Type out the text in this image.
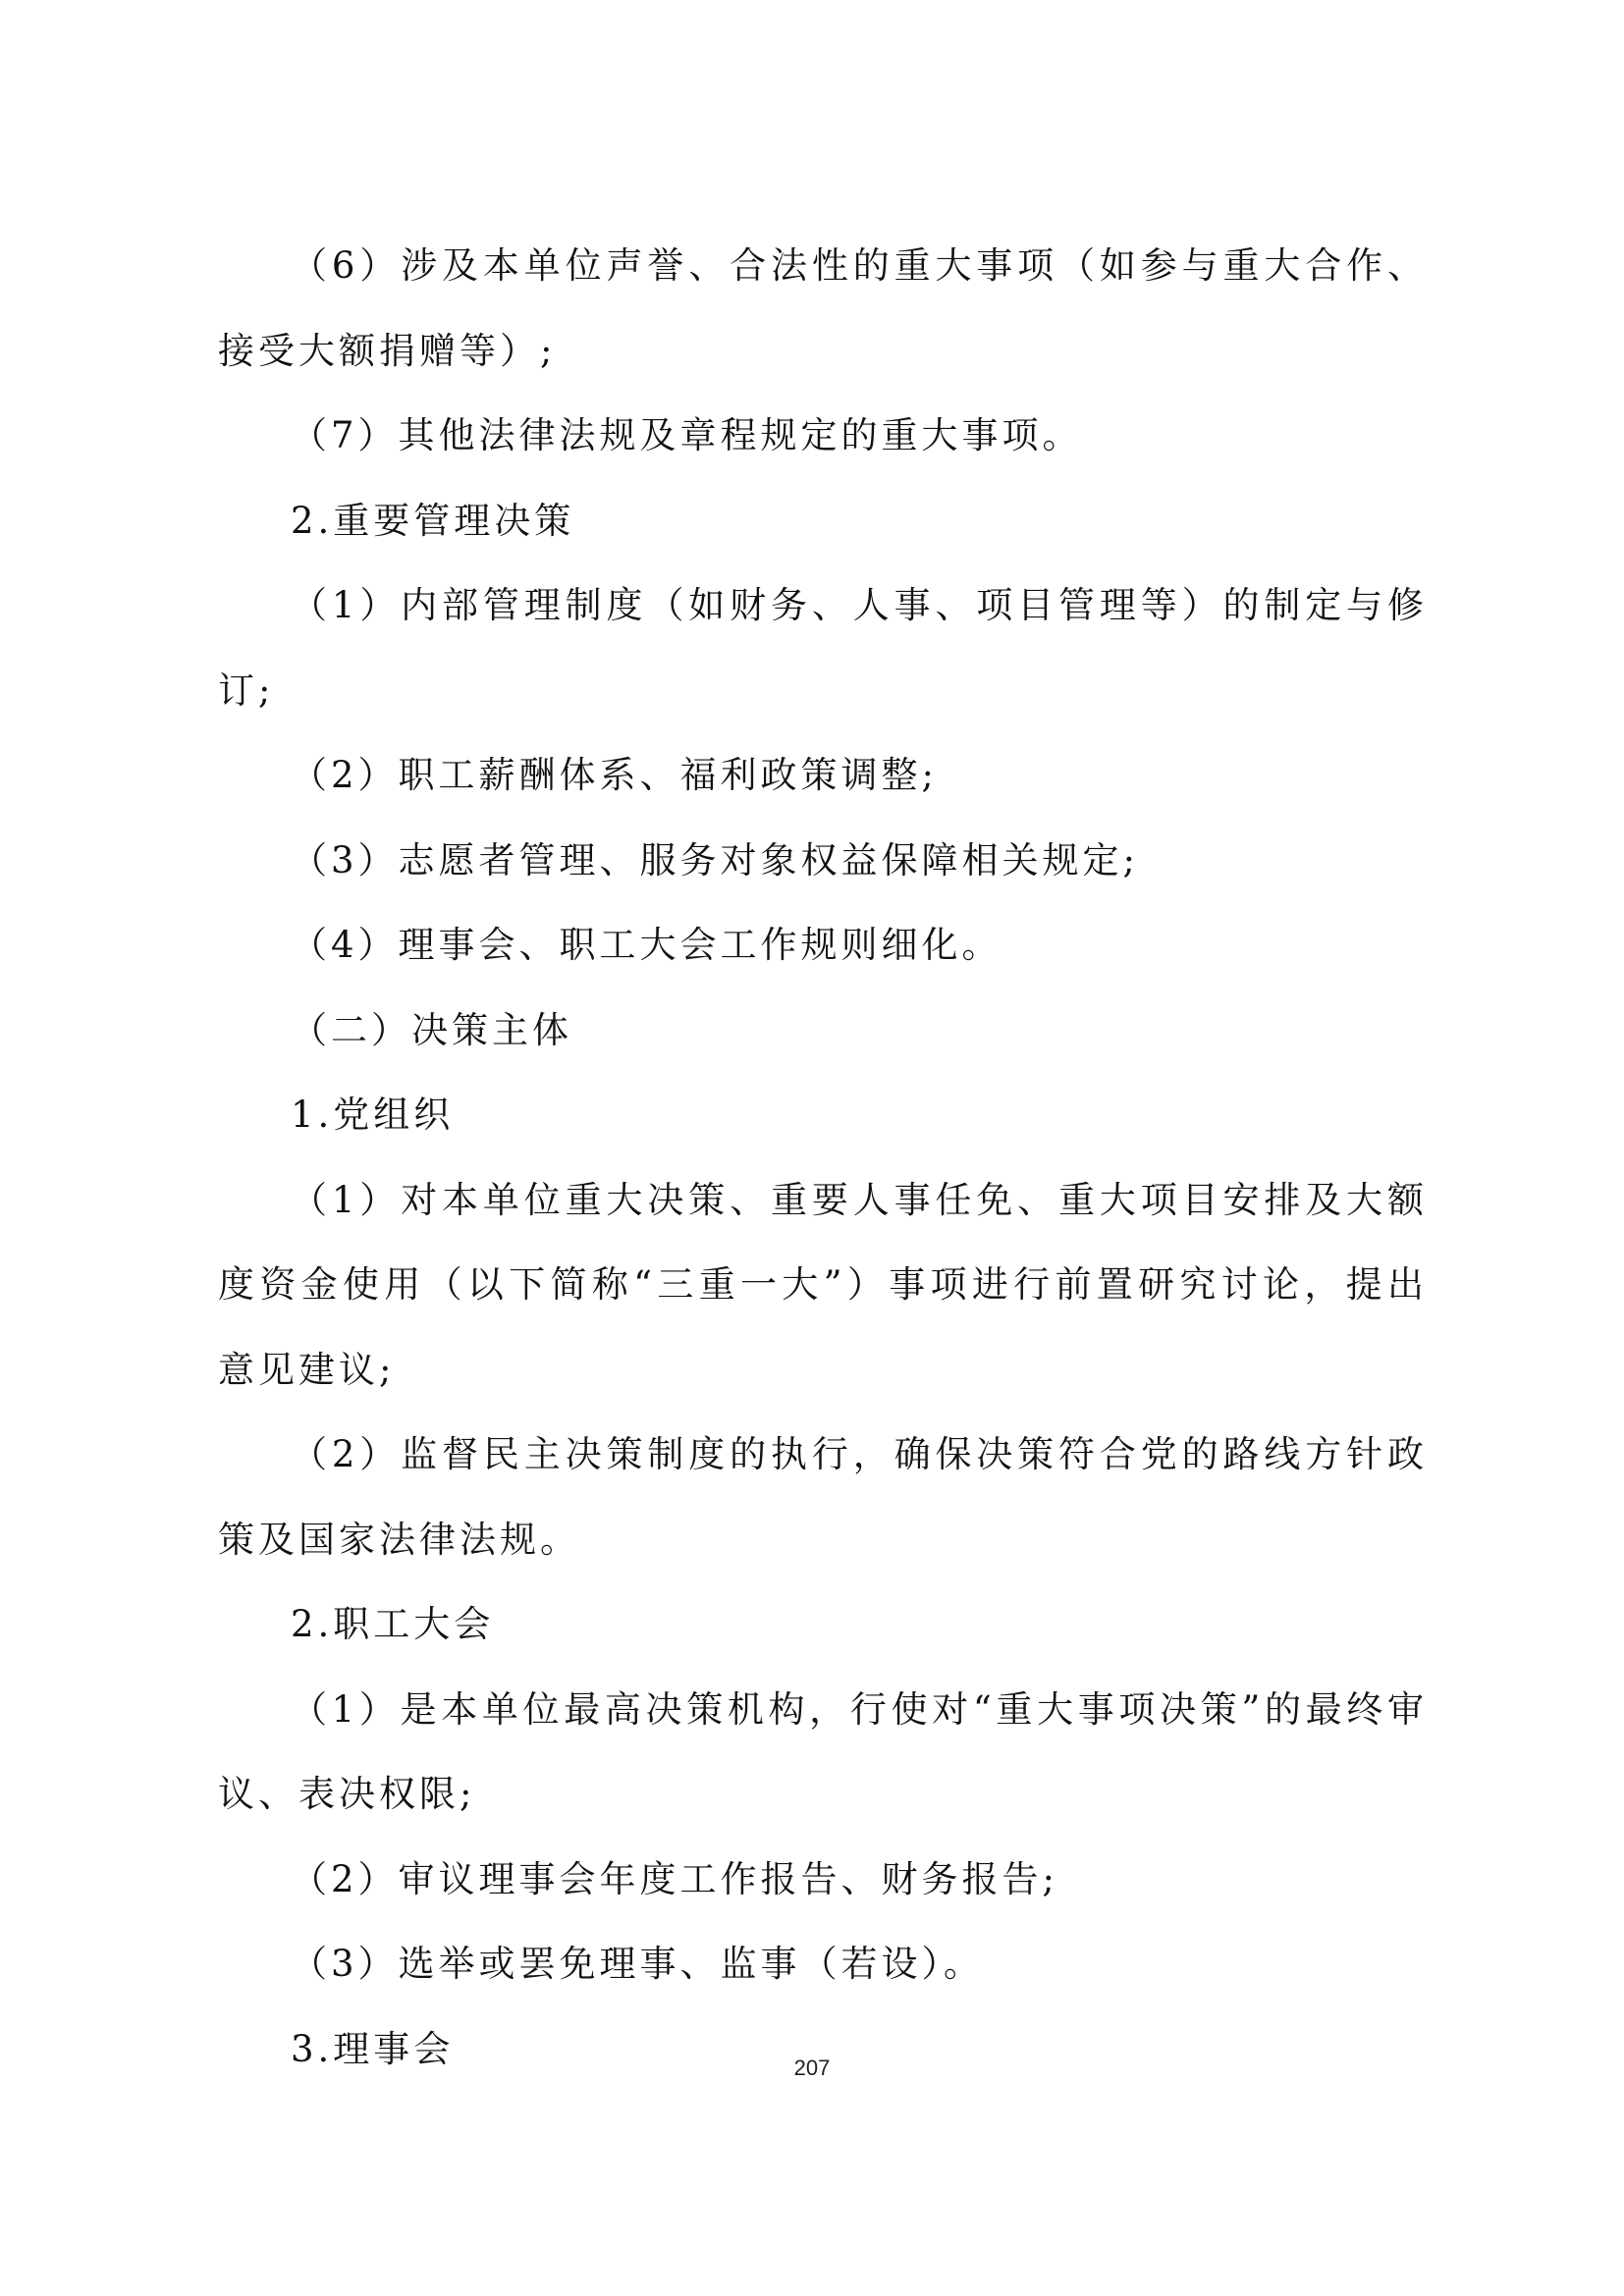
（6）涉及本单位声誉、合法性的重大事项（如参与重大合作、接受大额捐赠等）;

（7）其他法律法规及章程规定的重大事项。

2.重要管理决策

（1）内部管理制度（如财务、人事、项目管理等）的制定与修订;

（2）职工薪酬体系、福利政策调整;

（3）志愿者管理、服务对象权益保障相关规定;

（4）理事会、职工大会工作规则细化。

（二）决策主体

1.党组织

（1）对本单位重大决策、重要人事任免、重大项目安排及大额度资金使用（以下简称“三重一大”）事项进行前置研究讨论，提出意见建议;

（2）监督民主决策制度的执行，确保决策符合党的路线方针政策及国家法律法规。

2.职工大会

（1）是本单位最高决策机构，行使对“重大事项决策”的最终审议、表决权限;

（2）审议理事会年度工作报告、财务报告;

（3）选举或罢免理事、监事（若设）。

3.理事会	207
